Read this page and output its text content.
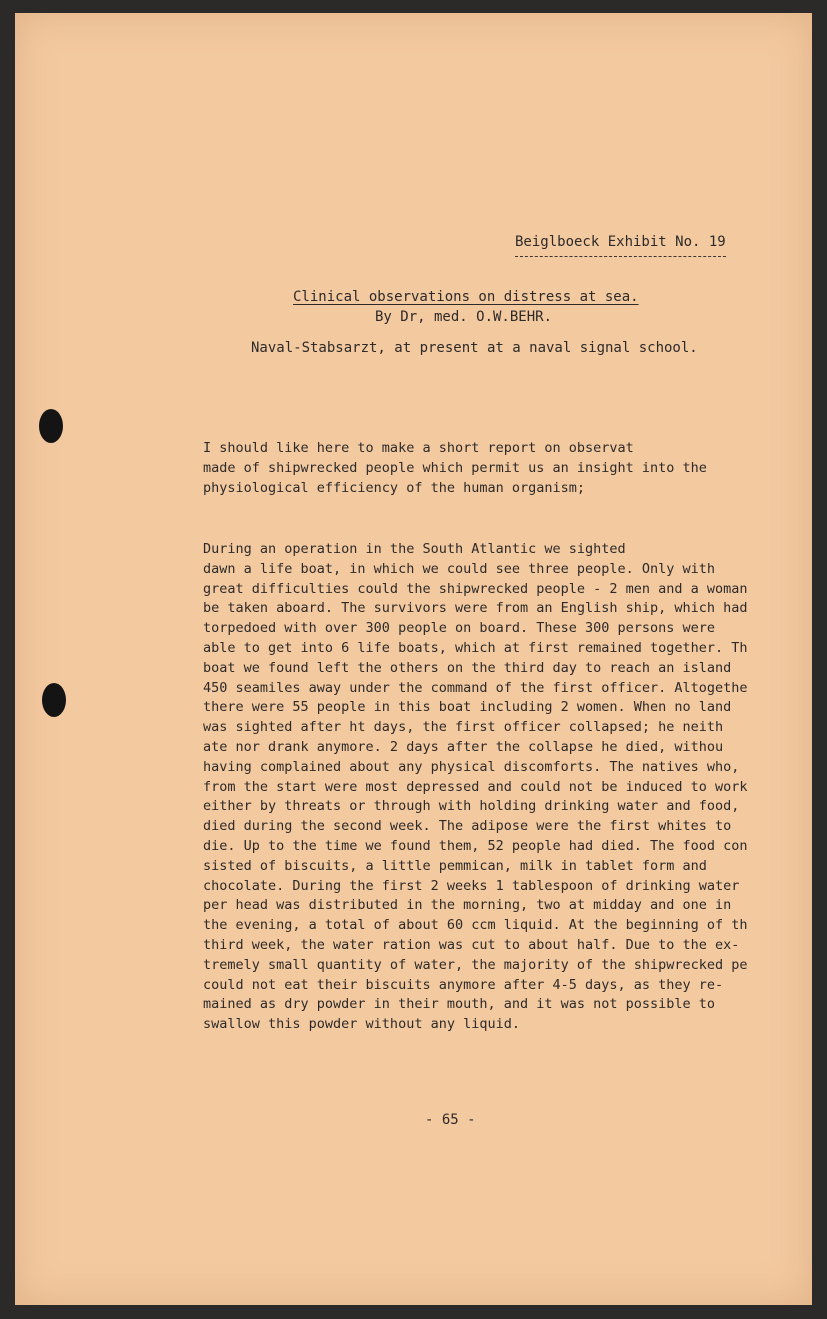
Beiglboeck Exhibit No. 19
Clinical observations on distress at sea.
By Dr, med. O.W.BEHR.
Naval-Stabsarzt, at present at a naval signal school.
I should like here to make a short report on observat
made of shipwrecked people which permit us an insight into the
physiological efficiency of the human organism;
During an operation in the South Atlantic we sighted
dawn a life boat, in which we could see three people. Only with
great difficulties could the shipwrecked people - 2 men and a woman
be taken aboard. The survivors were from an English ship, which had
torpedoed with over 300 people on board. These 300 persons were
able to get into 6 life boats, which at first remained together. Th
boat we found left the others on the third day to reach an island
450 seamiles away under the command of the first officer. Altogethe
there were 55 people in this boat including 2 women. When no land
was sighted after ht days, the first officer collapsed; he neith
ate nor drank anymore. 2 days after the collapse he died, withou
having complained about any physical discomforts. The natives who,
from the start were most depressed and could not be induced to work
either by threats or through with holding drinking water and food,
died during the second week. The adipose were the first whites to
die. Up to the time we found them, 52 people had died. The food con
sisted of biscuits, a little pemmican, milk in tablet form and
chocolate. During the first 2 weeks 1 tablespoon of drinking water
per head was distributed in the morning, two at midday and one in
the evening, a total of about 60 ccm liquid. At the beginning of th
third week, the water ration was cut to about half. Due to the ex-
tremely small quantity of water, the majority of the shipwrecked pe
could not eat their biscuits anymore after 4-5 days, as they re-
mained as dry powder in their mouth, and it was not possible to
swallow this powder without any liquid.
- 65 -
